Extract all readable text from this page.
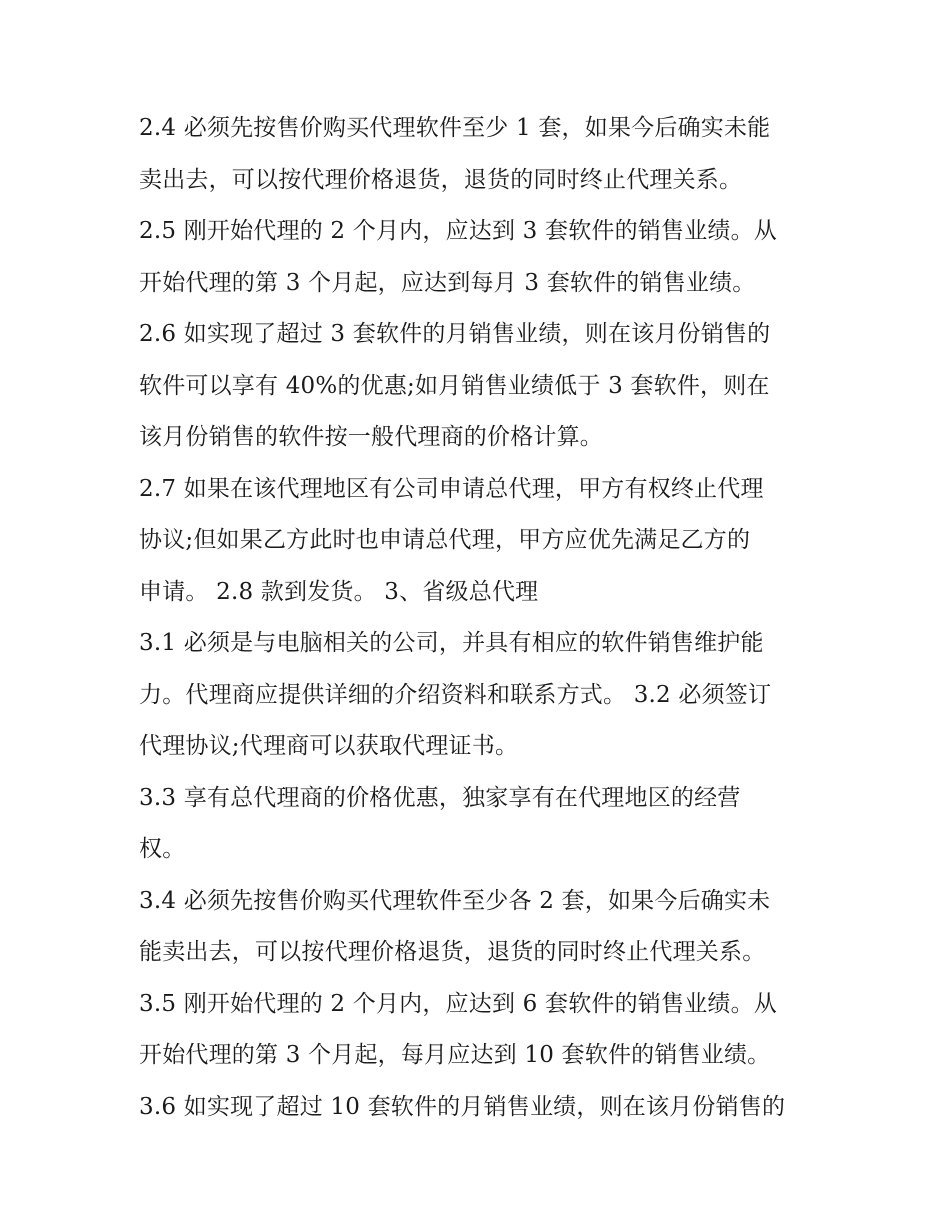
2.4 必须先按售价购买代理软件至少 1 套，如果今后确实未能
卖出去，可以按代理价格退货，退货的同时终止代理关系。
2.5 刚开始代理的 2 个月内，应达到 3 套软件的销售业绩。从
开始代理的第 3 个月起，应达到每月 3 套软件的销售业绩。
2.6 如实现了超过 3 套软件的月销售业绩，则在该月份销售的
软件可以享有 40%的优惠;如月销售业绩低于 3 套软件，则在
该月份销售的软件按一般代理商的价格计算。
2.7 如果在该代理地区有公司申请总代理，甲方有权终止代理
协议;但如果乙方此时也申请总代理，甲方应优先满足乙方的
申请。 2.8 款到发货。 3、省级总代理
3.1 必须是与电脑相关的公司，并具有相应的软件销售维护能
力。代理商应提供详细的介绍资料和联系方式。 3.2 必须签订
代理协议;代理商可以获取代理证书。
3.3 享有总代理商的价格优惠，独家享有在代理地区的经营
权。
3.4 必须先按售价购买代理软件至少各 2 套，如果今后确实未
能卖出去，可以按代理价格退货，退货的同时终止代理关系。
3.5 刚开始代理的 2 个月内，应达到 6 套软件的销售业绩。从
开始代理的第 3 个月起，每月应达到 10 套软件的销售业绩。
3.6 如实现了超过 10 套软件的月销售业绩，则在该月份销售的
